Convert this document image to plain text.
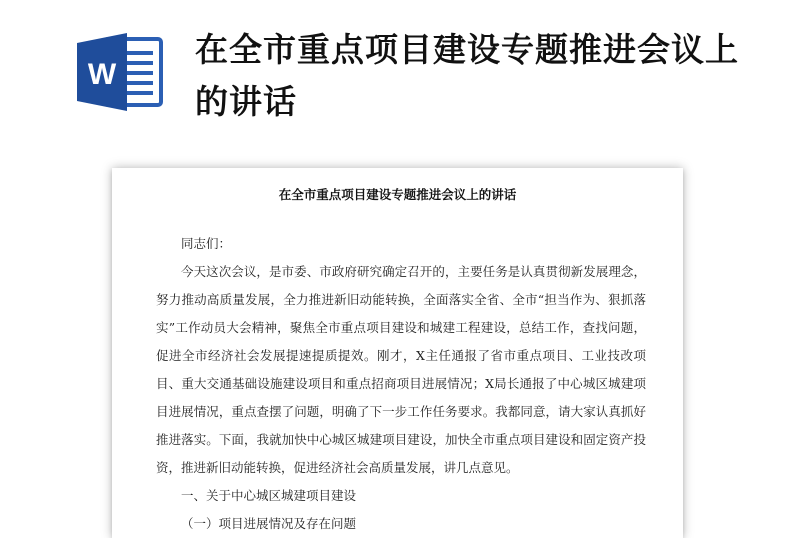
W
在全市重点项目建设专题推进会议上的讲话

在全市重点项目建设专题推进会议上的讲话

同志们：

今天这次会议，是市委、市政府研究确定召开的，主要任务是认真贯彻新发展理念，努力推动高质量发展，全力推进新旧动能转换，全面落实全省、全市“担当作为、狠抓落实”工作动员大会精神，聚焦全市重点项目建设和城建工程建设，总结工作，查找问题，促进全市经济社会发展提速提质提效。刚才，X主任通报了省市重点项目、工业技改项目、重大交通基础设施建设项目和重点招商项目进展情况；X局长通报了中心城区城建项目进展情况，重点查摆了问题，明确了下一步工作任务要求。我都同意，请大家认真抓好推进落实。下面，我就加快中心城区城建项目建设，加快全市重点项目建设和固定资产投资，推进新旧动能转换，促进经济社会高质量发展，讲几点意见。

一、关于中心城区城建项目建设

（一）项目进展情况及存在问题
